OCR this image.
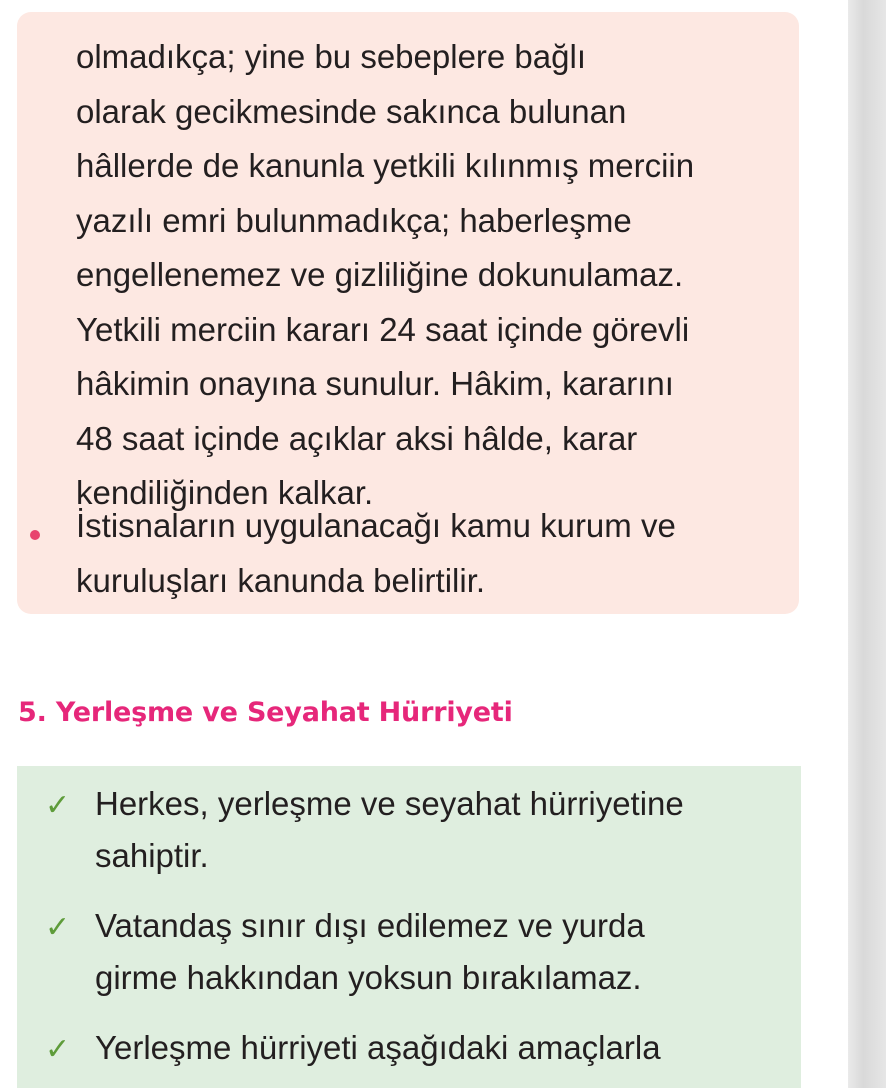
olmadıkça; yine bu sebeplere bağlı
olarak gecikmesinde sakınca bulunan
hâllerde de kanunla yetkili kılınmış merciin
yazılı emri bulunmadıkça; haberleşme
engellenemez ve gizliliğine dokunulamaz.
Yetkili merciin kararı 24 saat içinde görevli
hâkimin onayına sunulur. Hâkim, kararını
48 saat içinde açıklar aksi hâlde, karar
kendiliğinden kalkar.

İstisnaların uygulanacağı kamu kurum ve
kuruluşları kanunda belirtilir.

5. Yerleşme ve Seyahat Hürriyeti
✓ Herkes, yerleşme ve seyahat hürriyetine
sahiptir.

✓ Vatandaş sınır dışı edilemez ve yurda
girme hakkından yoksun bırakılamaz.

✓ Yerleşme hürriyeti aşağıdaki amaçlarla
